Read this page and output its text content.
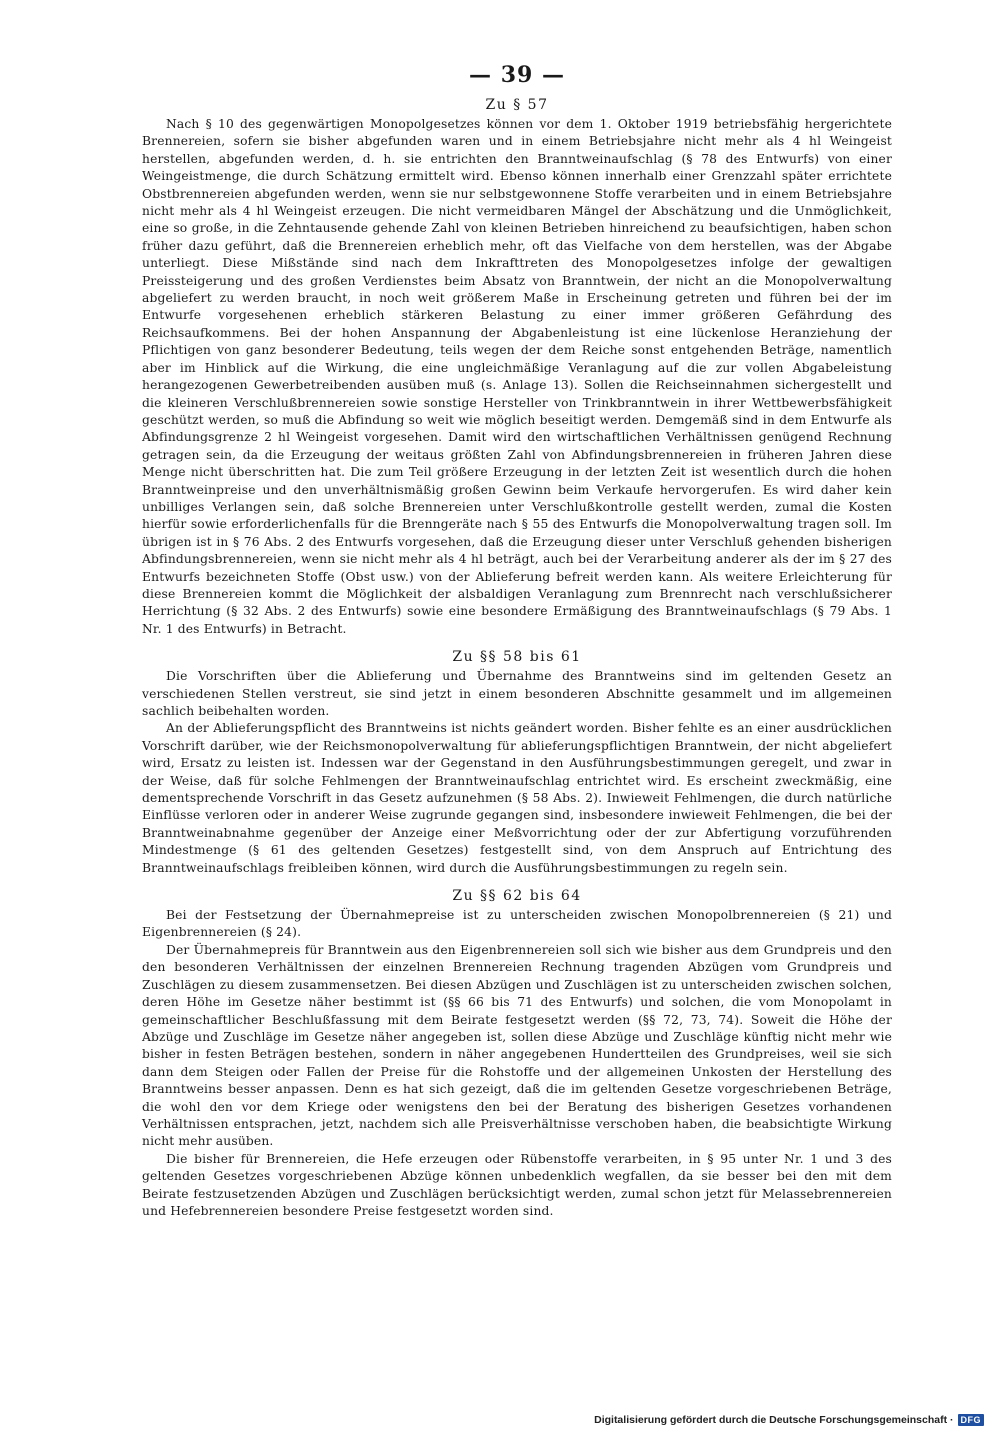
— 39 —
Zu § 57

Nach § 10 des gegenwärtigen Monopolgesetzes können vor dem 1. Oktober 1919 betriebsfähig hergerichtete Brennereien, sofern sie bisher abgefunden waren und in einem Betriebsjahre nicht mehr als 4 hl Weingeist herstellen, abgefunden werden, d. h. sie entrichten den Branntweinaufschlag (§ 78 des Entwurfs) von einer Weingeistmenge, die durch Schätzung ermittelt wird. Ebenso können innerhalb einer Grenzzahl später errichtete Obstbrennereien abgefunden werden, wenn sie nur selbstgewonnene Stoffe verarbeiten und in einem Betriebsjahre nicht mehr als 4 hl Weingeist erzeugen. Die nicht vermeidbaren Mängel der Abschätzung und die Unmöglichkeit, eine so große, in die Zehntausende gehende Zahl von kleinen Betrieben hinreichend zu beaufsichtigen, haben schon früher dazu geführt, daß die Brennereien erheblich mehr, oft das Vielfache von dem herstellen, was der Abgabe unterliegt. Diese Mißstände sind nach dem Inkrafttreten des Monopolgesetzes infolge der gewaltigen Preissteigerung und des großen Verdienstes beim Absatz von Branntwein, der nicht an die Monopolverwaltung abgeliefert zu werden braucht, in noch weit größerem Maße in Erscheinung getreten und führen bei der im Entwurfe vorgesehenen erheblich stärkeren Belastung zu einer immer größeren Gefährdung des Reichsaufkommens. Bei der hohen Anspannung der Abgabenleistung ist eine lückenlose Heranziehung der Pflichtigen von ganz besonderer Bedeutung, teils wegen der dem Reiche sonst entgehenden Beträge, namentlich aber im Hinblick auf die Wirkung, die eine ungleichmäßige Veranlagung auf die zur vollen Abgabeleistung herangezogenen Gewerbetreibenden ausüben muß (s. Anlage 13). Sollen die Reichseinnahmen sichergestellt und die kleineren Verschlußbrennereien sowie sonstige Hersteller von Trinkbranntwein in ihrer Wettbewerbsfähigkeit geschützt werden, so muß die Abfindung so weit wie möglich beseitigt werden. Demgemäß sind in dem Entwurfe als Abfindungsgrenze 2 hl Weingeist vorgesehen. Damit wird den wirtschaftlichen Verhältnissen genügend Rechnung getragen sein, da die Erzeugung der weitaus größten Zahl von Abfindungsbrennereien in früheren Jahren diese Menge nicht überschritten hat. Die zum Teil größere Erzeugung in der letzten Zeit ist wesentlich durch die hohen Branntweinpreise und den unverhältnismäßig großen Gewinn beim Verkaufe hervorgerufen. Es wird daher kein unbilliges Verlangen sein, daß solche Brennereien unter Verschlußkontrolle gestellt werden, zumal die Kosten hierfür sowie erforderlichenfalls für die Brenngeräte nach § 55 des Entwurfs die Monopolverwaltung tragen soll. Im übrigen ist in § 76 Abs. 2 des Entwurfs vorgesehen, daß die Erzeugung dieser unter Verschluß gehenden bisherigen Abfindungsbrennereien, wenn sie nicht mehr als 4 hl beträgt, auch bei der Verarbeitung anderer als der im § 27 des Entwurfs bezeichneten Stoffe (Obst usw.) von der Ablieferung befreit werden kann. Als weitere Erleichterung für diese Brennereien kommt die Möglichkeit der alsbaldigen Veranlagung zum Brennrecht nach verschlußsicherer Herrichtung (§ 32 Abs. 2 des Entwurfs) sowie eine besondere Ermäßigung des Branntweinaufschlags (§ 79 Abs. 1 Nr. 1 des Entwurfs) in Betracht.

Zu §§ 58 bis 61

Die Vorschriften über die Ablieferung und Übernahme des Branntweins sind im geltenden Gesetz an verschiedenen Stellen verstreut, sie sind jetzt in einem besonderen Abschnitte gesammelt und im allgemeinen sachlich beibehalten worden.

An der Ablieferungspflicht des Branntweins ist nichts geändert worden. Bisher fehlte es an einer ausdrücklichen Vorschrift darüber, wie der Reichsmonopolverwaltung für ablieferungspflichtigen Branntwein, der nicht abgeliefert wird, Ersatz zu leisten ist. Indessen war der Gegenstand in den Ausführungsbestimmungen geregelt, und zwar in der Weise, daß für solche Fehlmengen der Branntweinaufschlag entrichtet wird. Es erscheint zweckmäßig, eine dementsprechende Vorschrift in das Gesetz aufzunehmen (§ 58 Abs. 2). Inwieweit Fehlmengen, die durch natürliche Einflüsse verloren oder in anderer Weise zugrunde gegangen sind, insbesondere inwieweit Fehlmengen, die bei der Branntweinabnahme gegenüber der Anzeige einer Meßvorrichtung oder der zur Abfertigung vorzuführenden Mindestmenge (§ 61 des geltenden Gesetzes) festgestellt sind, von dem Anspruch auf Entrichtung des Branntweinaufschlags freibleiben können, wird durch die Ausführungsbestimmungen zu regeln sein.

Zu §§ 62 bis 64

Bei der Festsetzung der Übernahmepreise ist zu unterscheiden zwischen Monopolbrennereien (§ 21) und Eigenbrennereien (§ 24).

Der Übernahmepreis für Branntwein aus den Eigenbrennereien soll sich wie bisher aus dem Grundpreis und den den besonderen Verhältnissen der einzelnen Brennereien Rechnung tragenden Abzügen vom Grundpreis und Zuschlägen zu diesem zusammensetzen. Bei diesen Abzügen und Zuschlägen ist zu unterscheiden zwischen solchen, deren Höhe im Gesetze näher bestimmt ist (§§ 66 bis 71 des Entwurfs) und solchen, die vom Monopolamt in gemeinschaftlicher Beschlußfassung mit dem Beirate festgesetzt werden (§§ 72, 73, 74). Soweit die Höhe der Abzüge und Zuschläge im Gesetze näher angegeben ist, sollen diese Abzüge und Zuschläge künftig nicht mehr wie bisher in festen Beträgen bestehen, sondern in näher angegebenen Hundertteilen des Grundpreises, weil sie sich dann dem Steigen oder Fallen der Preise für die Rohstoffe und der allgemeinen Unkosten der Herstellung des Branntweins besser anpassen. Denn es hat sich gezeigt, daß die im geltenden Gesetze vorgeschriebenen Beträge, die wohl den vor dem Kriege oder wenigstens den bei der Beratung des bisherigen Gesetzes vorhandenen Verhältnissen entsprachen, jetzt, nachdem sich alle Preisverhältnisse verschoben haben, die beabsichtigte Wirkung nicht mehr ausüben.

Die bisher für Brennereien, die Hefe erzeugen oder Rübenstoffe verarbeiten, in § 95 unter Nr. 1 und 3 des geltenden Gesetzes vorgeschriebenen Abzüge können unbedenklich wegfallen, da sie besser bei den mit dem Beirate festzusetzenden Abzügen und Zuschlägen berücksichtigt werden, zumal schon jetzt für Melassebrennereien und Hefebrennereien besondere Preise festgesetzt worden sind.

Digitalisierung gefördert durch die Deutsche Forschungsgemeinschaft · DFG
